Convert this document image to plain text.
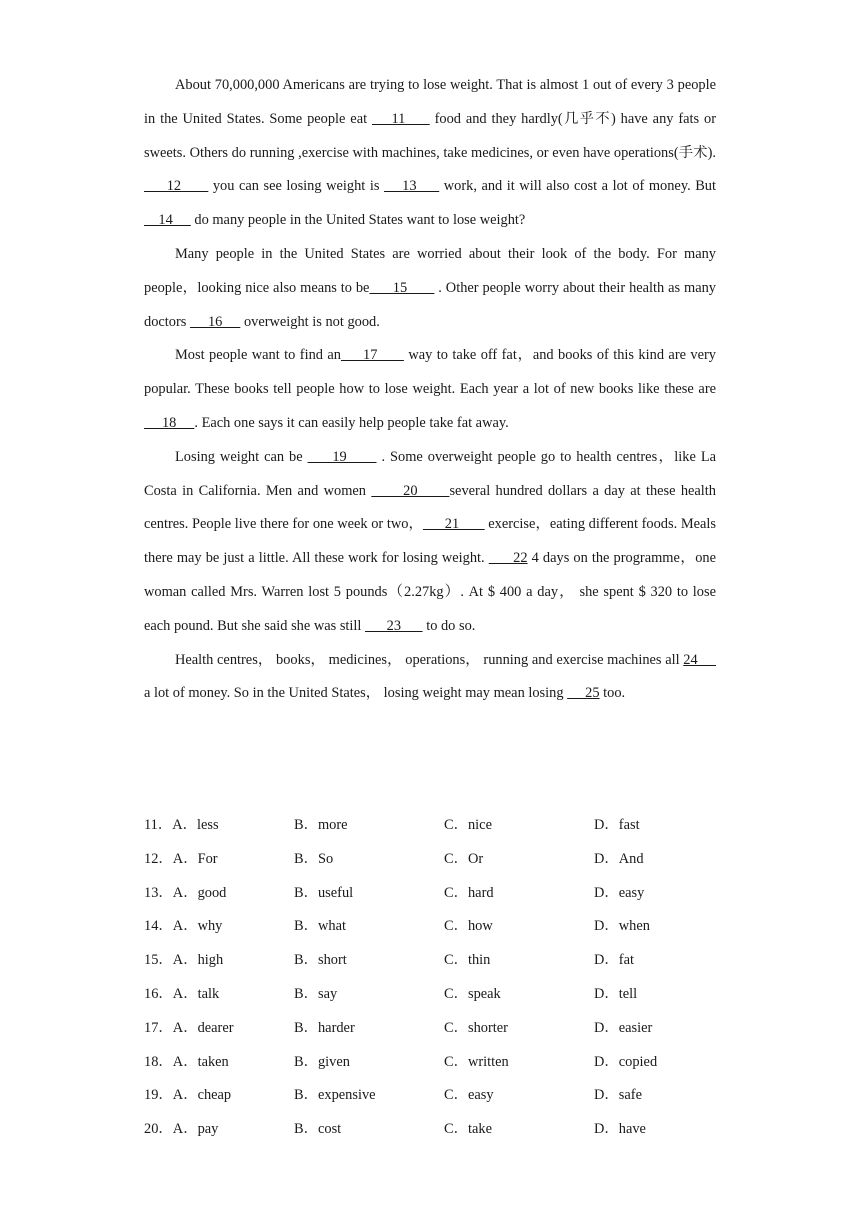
About 70,000,000 Americans are trying to lose weight. That is almost 1 out of every 3 people in the United States. Some people eat     11      food and they hardly(几乎不) have any fats or sweets. Others do running ,exercise with machines, take medicines, or even have operations(手术).      12       you can see losing weight is     13      work, and it will also cost a lot of money. But     14      do many people in the United States want to lose weight?

Many people in the United States are worried about their look of the body. For many people，looking nice also means to be      15        . Other people worry about their health as many doctors      16      overweight is not good.

Most people want to find an     17       way to take off fat，and books of this kind are very popular. These books tell people how to lose weight. Each year a lot of new books like these are      18     . Each one says it can easily help people take fat away.

Losing weight can be      19       . Some overweight people go to health centres，like La Costa in California. Men and women       20      several hundred dollars a day at these health centres. People live there for one week or two，      21        exercise，eating different foods. Meals there may be just a little. All these work for losing weight.       22 4 days on the programme，one woman called Mrs. Warren lost 5 pounds（2.27kg）. At $ 400 a day， she spent $ 320 to lose each pound. But she said she was still       23       to do so.

Health centres， books， medicines， operations， running and exercise machines all 24      a lot of money. So in the United States， losing weight may mean losing      25 too.

11．A．less	B．more	C．nice	D．fast
12．A．For	B．So	C．Or	D．And
13．A．good	B．useful	C．hard	D．easy
14．A．why	B．what	C．how	D．when
15．A．high	B．short	C．thin	D．fat
16．A．talk	B．say	C．speak	D．tell
17．A．dearer	B．harder	C．shorter	D．easier
18．A．taken	B．given	C．written	D．copied
19．A．cheap	B．expensive	C．easy	D．safe
20．A．pay	B．cost	C．take	D．have
